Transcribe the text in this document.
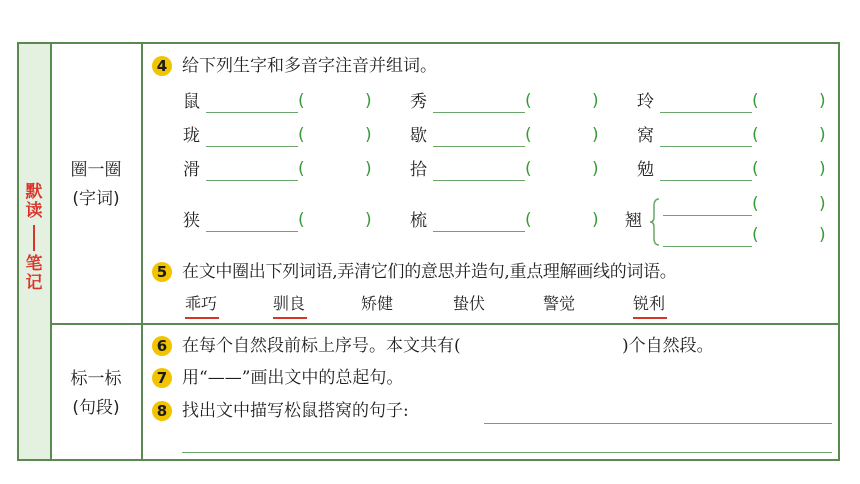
默
读
笔
记
圈一圈
(字词)
标一标
(句段)
4 给下列生字和多音字注音并组词。
鼠	(	) 秀	(	) 玲	(	)
珑	(	) 歇	(	) 窝	(	)
滑	(	) 拾	(	) 勉	(	)
狭	(	) 梳	(	) 翘
(	)
(	)
5 在文中圈出下列词语,弄清它们的意思并造句,重点理解画线的词语。
乖巧	驯良	矫健	蛰伏	警觉	锐利
6 在每个自然段前标上序号。本文共有(	)个自然段。
7 用“——”画出文中的总起句。
8 找出文中描写松鼠搭窝的句子:
